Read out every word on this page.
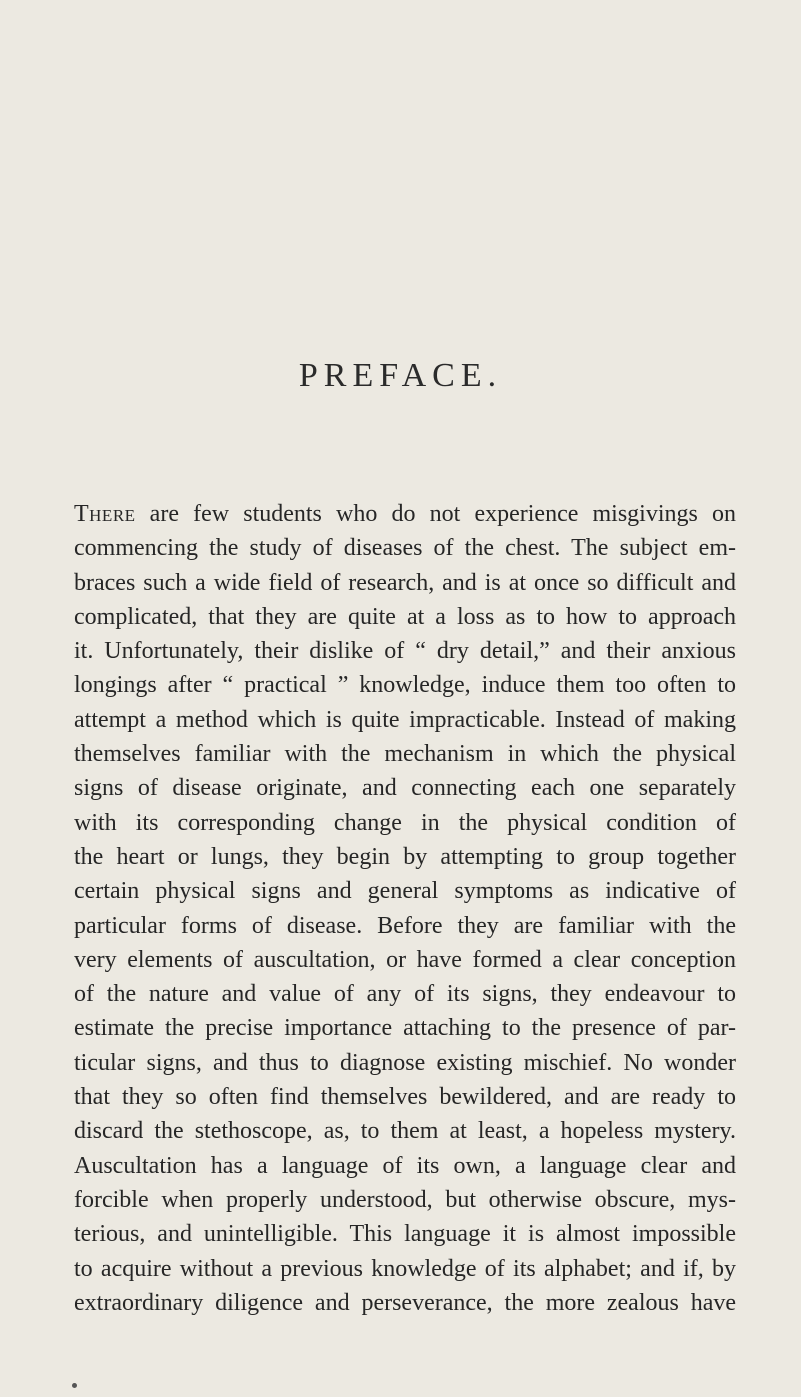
PREFACE.
There are few students who do not experience misgivings on
commencing the study of diseases of the chest. The subject em-
braces such a wide field of research, and is at once so difficult and
complicated, that they are quite at a loss as to how to approach
it. Unfortunately, their dislike of “ dry detail,” and their anxious
longings after “ practical ” knowledge, induce them too often to
attempt a method which is quite impracticable. Instead of making
themselves familiar with the mechanism in which the physical
signs of disease originate, and connecting each one separately
with its corresponding change in the physical condition of
the heart or lungs, they begin by attempting to group together
certain physical signs and general symptoms as indicative of
particular forms of disease. Before they are familiar with the
very elements of auscultation, or have formed a clear conception
of the nature and value of any of its signs, they endeavour to
estimate the precise importance attaching to the presence of par-
ticular signs, and thus to diagnose existing mischief. No wonder
that they so often find themselves bewildered, and are ready to
discard the stethoscope, as, to them at least, a hopeless mystery.
Auscultation has a language of its own, a language clear and
forcible when properly understood, but otherwise obscure, mys-
terious, and unintelligible. This language it is almost impossible
to acquire without a previous knowledge of its alphabet; and if, by
extraordinary diligence and perseverance, the more zealous have
